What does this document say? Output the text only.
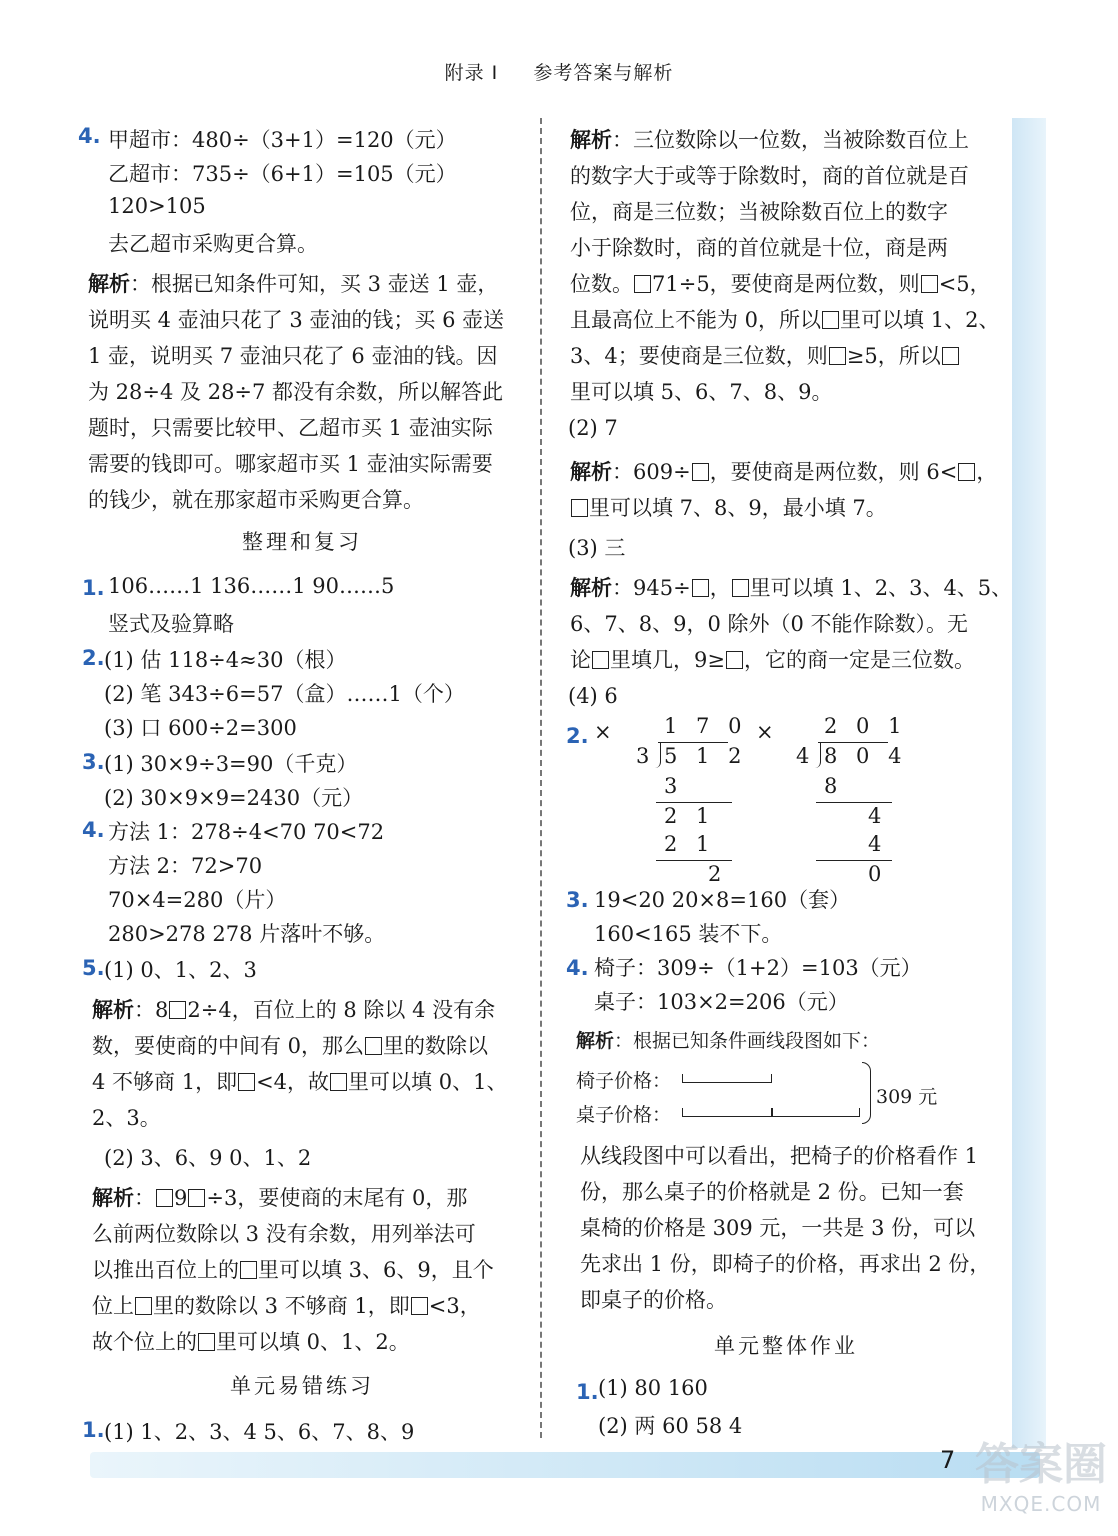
附录 I 参考答案与解析
4. 甲超市：480÷（3+1）=120（元）
乙超市：735÷（6+1）=105（元）
120>105
去乙超市采购更合算。
解析：根据已知条件可知，买 3 壶送 1 壶，
说明买 4 壶油只花了 3 壶油的钱；买 6 壶送
1 壶，说明买 7 壶油只花了 6 壶油的钱。因
为 28÷4 及 28÷7 都没有余数，所以解答此
题时，只需要比较甲、乙超市买 1 壶油实际
需要的钱即可。哪家超市买 1 壶油实际需要
的钱少，就在那家超市采购更合算。
整理和复习
1. 106……1 136……1 90……5
竖式及验算略
2. (1) 估 118÷4≈30（根）
(2) 笔 343÷6=57（盒）……1（个）
(3) 口 600÷2=300
3. (1) 30×9÷3=90（千克）
(2) 30×9×9=2430（元）
4. 方法 1：278÷4<70 70<72
方法 2：72>70
70×4=280（片）
280>278 278 片落叶不够。
5. (1) 0、1、2、3
解析：8 2÷4，百位上的 8 除以 4 没有余
数，要使商的中间有 0，那么 里的数除以
4 不够商 1，即 <4，故 里可以填 0、1、
2、3。
(2) 3、6、9 0、1、2
解析： 9 ÷3，要使商的末尾有 0，那
么前两位数除以 3 没有余数，用列举法可
以推出百位上的 里可以填 3、6、9，且个
位上 里的数除以 3 不够商 1，即 <3，
故个位上的 里可以填 0、1、2。
单元易错练习
1. (1) 1、2、3、4 5、6、7、8、9
解析：三位数除以一位数，当被除数百位上
的数字大于或等于除数时，商的首位就是百
位，商是三位数；当被除数百位上的数字
小于除数时，商的首位就是十位，商是两
位数。 71÷5，要使商是两位数，则 <5，
且最高位上不能为 0，所以 里可以填 1、2、
3、4；要使商是三位数，则 ≥5，所以
里可以填 5、6、7、8、9。
(2) 7
解析：609÷ ，要使商是两位数，则 6< ，
里可以填 7、8、9，最小填 7。
(3) 三
解析：945÷ ， 里可以填 1、2、3、4、5、
6、7、8、9，0 除外（0 不能作除数）。无
论 里填几，9≥ ，它的商一定是三位数。
(4) 6
2. × 1 7 0
3 5 1 2
3
2 1
2 1
2
× 2 0 1
4 8 0 4
8
4
4
0
3. 19<20 20×8=160（套）
160<165 装不下。
4. 椅子：309÷（1+2）=103（元）
桌子：103×2=206（元）
解析：根据已知条件画线段图如下：
椅子价格：
桌子价格：
309 元
从线段图中可以看出，把椅子的价格看作 1
份，那么桌子的价格就是 2 份。已知一套
桌椅的价格是 309 元，一共是 3 份，可以
先求出 1 份，即椅子的价格，再求出 2 份，
即桌子的价格。
单元整体作业
1. (1) 80 160
(2) 两 60 58 4
7 答案圈
MXQE.COM
